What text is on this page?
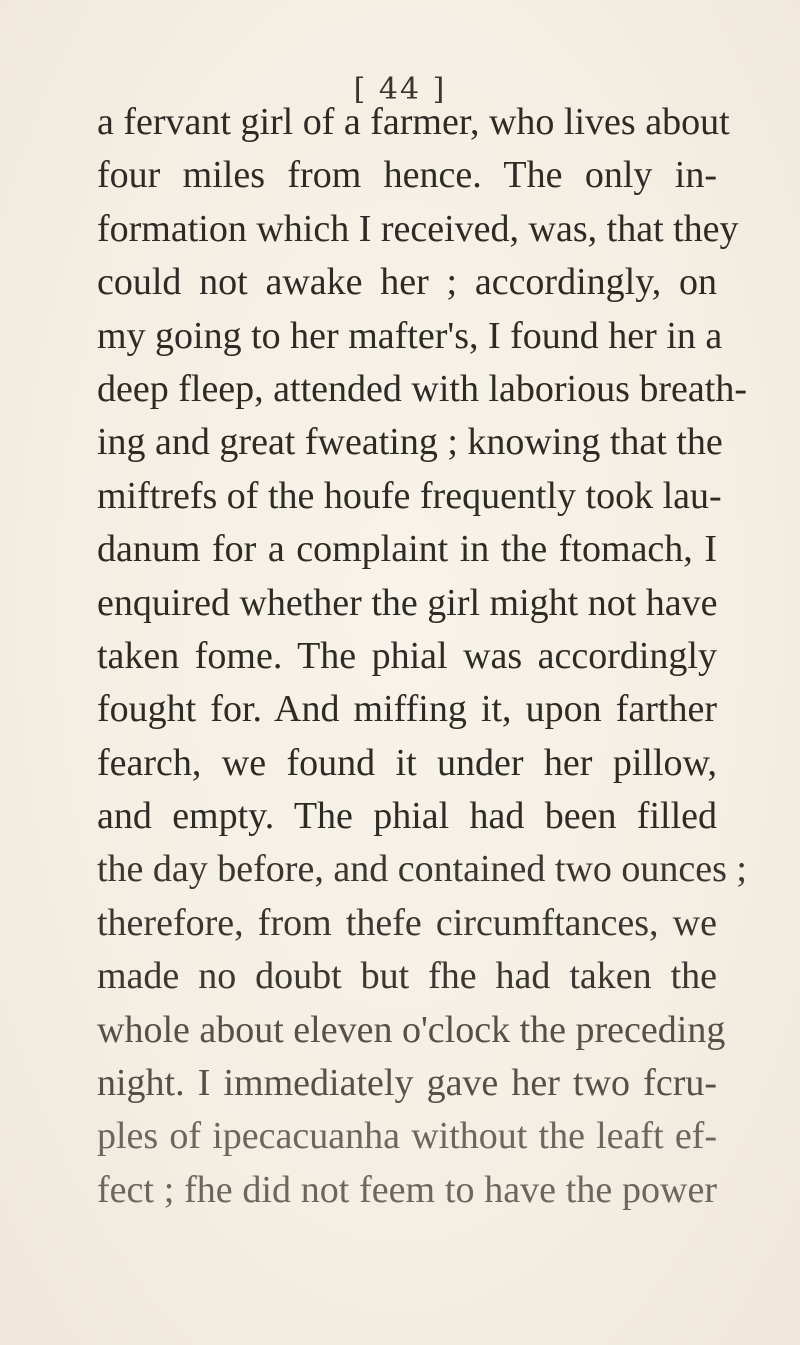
[ 44 ]
a fervant girl of a farmer, who lives about
four miles from hence. The only in-
formation which I received, was, that they
could not awake her ; accordingly, on
my going to her mafter's, I found her in a
deep fleep, attended with laborious breath-
ing and great fweating ; knowing that the
miftrefs of the houfe frequently took lau-
danum for a complaint in the ftomach, I
enquired whether the girl might not have
taken fome. The phial was accordingly
fought for. And miffing it, upon farther
fearch, we found it under her pillow,
and empty. The phial had been filled
the day before, and contained two ounces ;
therefore, from thefe circumftances, we
made no doubt but fhe had taken the
whole about eleven o'clock the preceding
night. I immediately gave her two fcru-
ples of ipecacuanha without the leaft ef-
fect ; fhe did not feem to have the power
